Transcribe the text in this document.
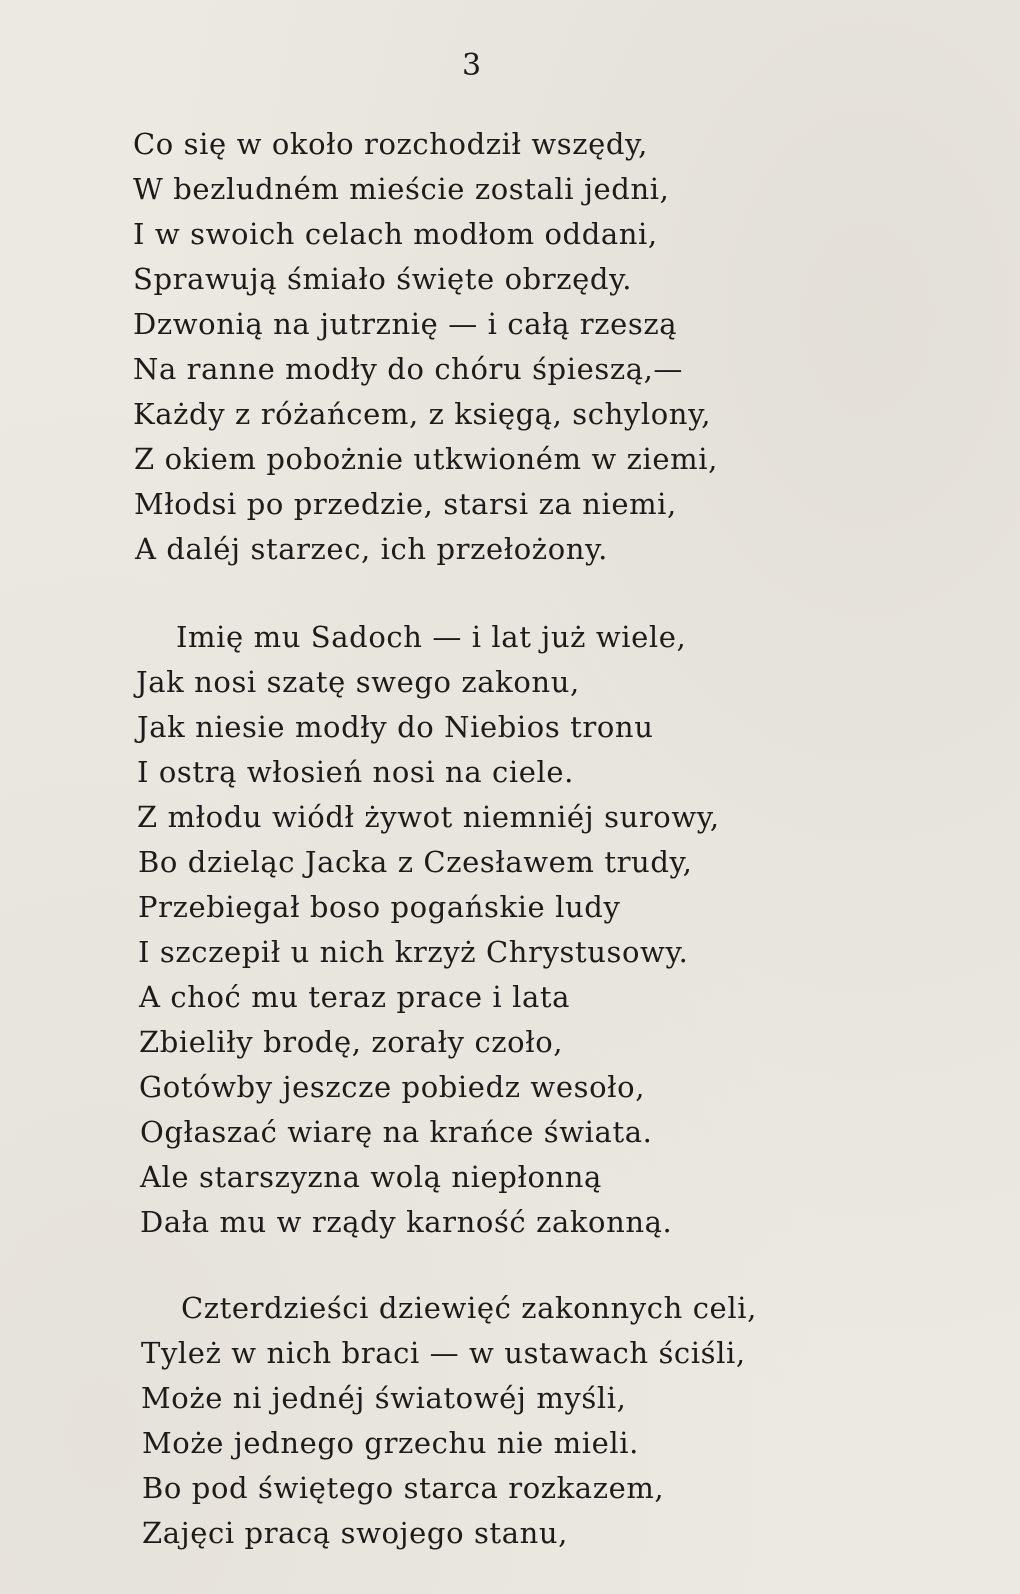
3
Co się w około rozchodził wszędy,
W bezludném mieście zostali jedni,
I w swoich celach modłom oddani,
Sprawują śmiało święte obrzędy.
Dzwonią na jutrznię — i całą rzeszą
Na ranne modły do chóru śpieszą,—
Każdy z różańcem, z księgą, schylony,
Z okiem pobożnie utkwioném w ziemi,
Młodsi po przedzie, starsi za niemi,
A daléj starzec, ich przełożony.
Imię mu Sadoch — i lat już wiele,
Jak nosi szatę swego zakonu,
Jak niesie modły do Niebios tronu
I ostrą włosień nosi na ciele.
Z młodu wiódł żywot niemniéj surowy,
Bo dzieląc Jacka z Czesławem trudy,
Przebiegał boso pogańskie ludy
I szczepił u nich krzyż Chrystusowy.
A choć mu teraz prace i lata
Zbieliły brodę, zorały czoło,
Gotówby jeszcze pobiedz wesoło,
Ogłaszać wiarę na krańce świata.
Ale starszyzna wolą niepłonną
Dała mu w rządy karność zakonną.
Czterdzieści dziewięć zakonnych celi,
Tyleż w nich braci — w ustawach ściśli,
Może ni jednéj światowéj myśli,
Może jednego grzechu nie mieli.
Bo pod świętego starca rozkazem,
Zajęci pracą swojego stanu,
